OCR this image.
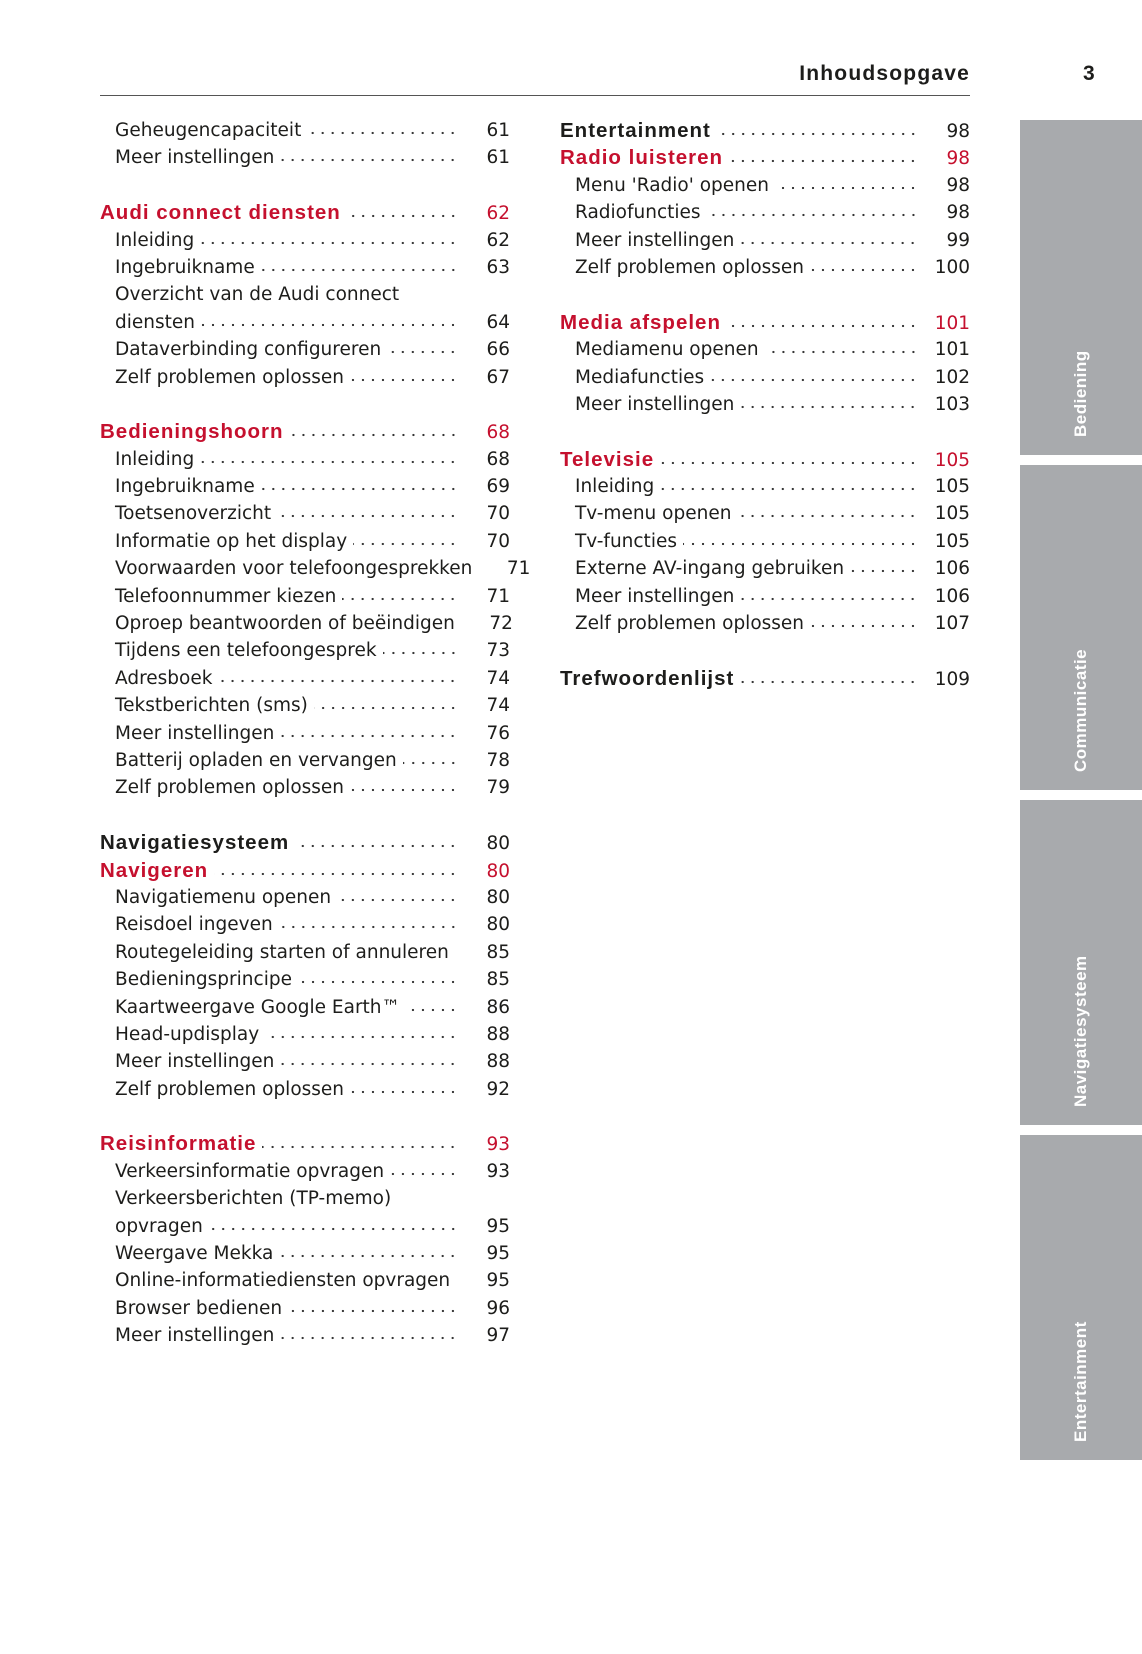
Inhoudsopgave	3
Geheugencapaciteit	61
Meer instellingen	61
Audi connect diensten	62
Inleiding	62
Ingebruikname	63
Overzicht van de Audi connect
diensten	64
Dataverbinding configureren	66
Zelf problemen oplossen	67
Bedieningshoorn	68
Inleiding	68
Ingebruikname	69
Toetsenoverzicht	70
Informatie op het display	70
Voorwaarden voor telefoongesprekken	71
Telefoonnummer kiezen	71
Oproep beantwoorden of beëindigen	72
Tijdens een telefoongesprek	73
Adresboek	74
Tekstberichten (sms)	74
Meer instellingen	76
Batterij opladen en vervangen	78
Zelf problemen oplossen	79
Navigatiesysteem	80
Navigeren	80
Navigatiemenu openen	80
Reisdoel ingeven	80
Routegeleiding starten of annuleren	85
Bedieningsprincipe	85
Kaartweergave Google Earth™	86
Head-updisplay	88
Meer instellingen	88
Zelf problemen oplossen	92
Reisinformatie	93
Verkeersinformatie opvragen	93
Verkeersberichten (TP-memo)
opvragen	95
Weergave Mekka	95
Online-informatiediensten opvragen	95
Browser bedienen	96
Meer instellingen	97
Entertainment	98
Radio luisteren	98
Menu 'Radio' openen	98
Radiofuncties	98
Meer instellingen	99
Zelf problemen oplossen	100
Media afspelen	101
Mediamenu openen	101
Mediafuncties	102
Meer instellingen	103
Televisie	105
Inleiding	105
Tv-menu openen	105
Tv-functies	105
Externe AV-ingang gebruiken	106
Meer instellingen	106
Zelf problemen oplossen	107
Trefwoordenlijst	109
Bediening
Communicatie
Navigatiesysteem
Entertainment
